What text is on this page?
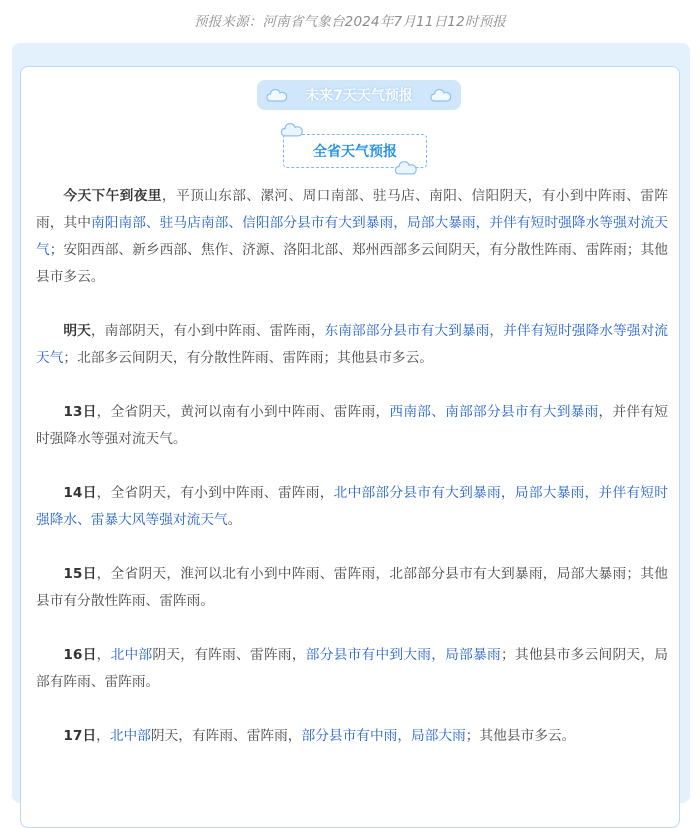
预报来源：河南省气象台2024年7月11日12时预报
未来7天天气预报
全省天气预报

今天下午到夜里，平顶山东部、漯河、周口南部、驻马店、南阳、信阳阴天，有小到中阵雨、雷阵雨，其中南阳南部、驻马店南部、信阳部分县市有大到暴雨，局部大暴雨，并伴有短时强降水等强对流天气；安阳西部、新乡西部、焦作、济源、洛阳北部、郑州西部多云间阴天，有分散性阵雨、雷阵雨；其他县市多云。

明天，南部阴天，有小到中阵雨、雷阵雨，东南部部分县市有大到暴雨，并伴有短时强降水等强对流天气；北部多云间阴天，有分散性阵雨、雷阵雨；其他县市多云。

13日，全省阴天，黄河以南有小到中阵雨、雷阵雨，西南部、南部部分县市有大到暴雨，并伴有短时强降水等强对流天气。

14日，全省阴天，有小到中阵雨、雷阵雨，北中部部分县市有大到暴雨，局部大暴雨，并伴有短时强降水、雷暴大风等强对流天气。

15日，全省阴天，淮河以北有小到中阵雨、雷阵雨，北部部分县市有大到暴雨，局部大暴雨；其他县市有分散性阵雨、雷阵雨。

16日，北中部阴天，有阵雨、雷阵雨，部分县市有中到大雨，局部暴雨；其他县市多云间阴天，局部有阵雨、雷阵雨。

17日，北中部阴天，有阵雨、雷阵雨，部分县市有中雨，局部大雨；其他县市多云。
